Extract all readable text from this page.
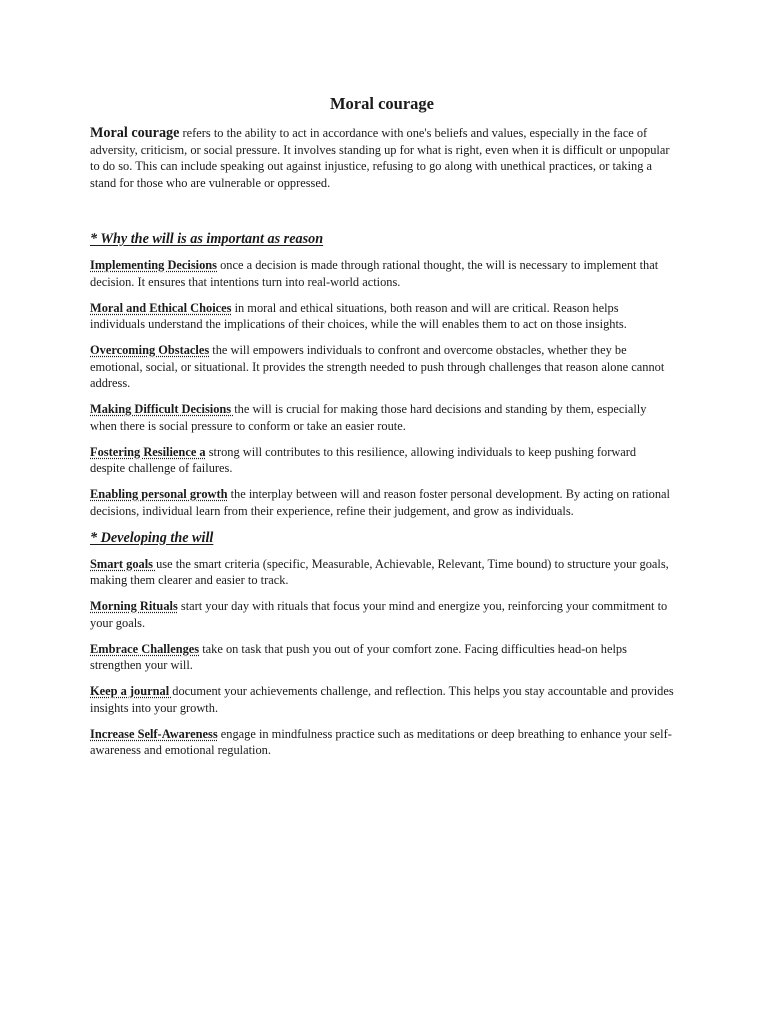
Moral courage

Moral courage refers to the ability to act in accordance with one's beliefs and values, especially in the face of adversity, criticism, or social pressure. It involves standing up for what is right, even when it is difficult or unpopular to do so. This can include speaking out against injustice, refusing to go along with unethical practices, or taking a stand for those who are vulnerable or oppressed.

* Why the will is as important as reason

Implementing Decisions once a decision is made through rational thought, the will is necessary to implement that decision. It ensures that intentions turn into real-world actions.

Moral and Ethical Choices in moral and ethical situations, both reason and will are critical. Reason helps individuals understand the implications of their choices, while the will enables them to act on those insights.

Overcoming Obstacles the will empowers individuals to confront and overcome obstacles, whether they be emotional, social, or situational. It provides the strength needed to push through challenges that reason alone cannot address.

Making Difficult Decisions the will is crucial for making those hard decisions and standing by them, especially when there is social pressure to conform or take an easier route.

Fostering Resilience a strong will contributes to this resilience, allowing individuals to keep pushing forward despite challenge of failures.

Enabling personal growth the interplay between will and reason foster personal development. By acting on rational decisions, individual learn from their experience, refine their judgement, and grow as individuals.

* Developing the will

Smart goals use the smart criteria (specific, Measurable, Achievable, Relevant, Time bound) to structure your goals, making them clearer and easier to track.

Morning Rituals start your day with rituals that focus your mind and energize you, reinforcing your commitment to your goals.

Embrace Challenges take on task that push you out of your comfort zone. Facing difficulties head-on helps strengthen your will.

Keep a journal document your achievements challenge, and reflection. This helps you stay accountable and provides insights into your growth.

Increase Self-Awareness engage in mindfulness practice such as meditations or deep breathing to enhance your self-awareness and emotional regulation.
